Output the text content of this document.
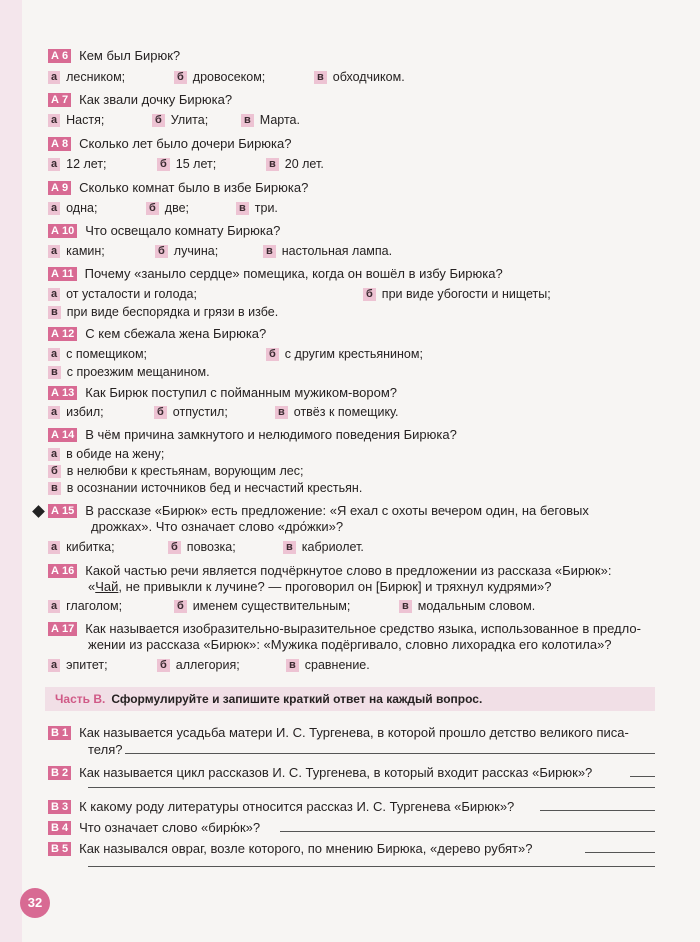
А 6 Кем был Бирюк?
а лесником;	б дровосеком;	в обходчиком.
А 7 Как звали дочку Бирюка?
а Настя;	б Улита;	в Марта.
А 8 Сколько лет было дочери Бирюка?
а 12 лет;	б 15 лет;	в 20 лет.
А 9 Сколько комнат было в избе Бирюка?
а одна;	б две;	в три.
А 10 Что освещало комнату Бирюка?
а камин;	б лучина;	в настольная лампа.
А 11 Почему «заныло сердце» помещика, когда он вошёл в избу Бирюка?
а от усталости и голода;	б при виде убогости и нищеты;
в при виде беспорядка и грязи в избе.
А 12 С кем сбежала жена Бирюка?
а с помещиком;	б с другим крестьянином;
в с проезжим мещанином.
А 13 Как Бирюк поступил с пойманным мужиком-вором?
а избил;	б отпустил;	в отвёз к помещику.
А 14 В чём причина замкнутого и нелюдимого поведения Бирюка?
а в обиде на жену;
б в нелюбви к крестьянам, ворующим лес;
в в осознании источников бед и несчастий крестьян.
А 15 В рассказе «Бирюк» есть предложение: «Я ехал с охоты вечером один, на беговых
дрожках». Что означает слово «дро́жки»?
а кибитка;	б повозка;	в кабриолет.
А 16 Какой частью речи является подчёркнутое слово в предложении из рассказа «Бирюк»:
«Чай, не привыкли к лучине? — проговорил он [Бирюк] и тряхнул кудрями»?
а глаголом;	б именем существительным;	в модальным словом.
А 17 Как называется изобразительно-выразительное средство языка, использованное в предло-
жении из рассказа «Бирюк»: «Мужика подёргивало, словно лихорадка его колотила»?
а эпитет;	б аллегория;	в сравнение.
Часть В. Сформулируйте и запишите краткий ответ на каждый вопрос.
В 1 Как называется усадьба матери И. С. Тургенева, в которой прошло детство великого писа-
теля?
В 2 Как называется цикл рассказов И. С. Тургенева, в который входит рассказ «Бирюк»?
В 3 К какому роду литературы относится рассказ И. С. Тургенева «Бирюк»?
В 4 Что означает слово «бирю́к»?
В 5 Как назывался овраг, возле которого, по мнению Бирюка, «дерево рубят»?
32
